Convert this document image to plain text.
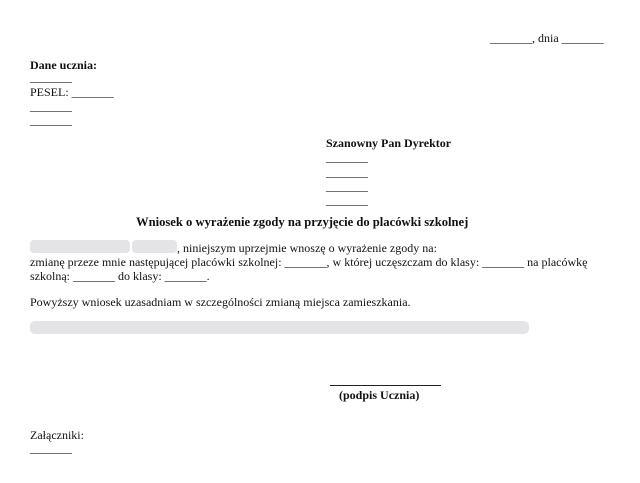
_______, dnia _______
Dane ucznia:
_______
PESEL: _______
_______
_______
Szanowny Pan Dyrektor
_______
_______
_______
_______
Wniosek o wyrażenie zgody na przyjęcie do placówki szkolnej
, niniejszym uprzejmie wnoszę o wyrażenie zgody na:
zmianę przeze mnie następującej placówki szkolnej: _______, w której uczęszczam do klasy: _______ na placówkę
szkolną: _______ do klasy: _______.
Powyższy wniosek uzasadniam w szczególności zmianą miejsca zamieszkania.
(podpis Ucznia)
Załączniki:
_______
